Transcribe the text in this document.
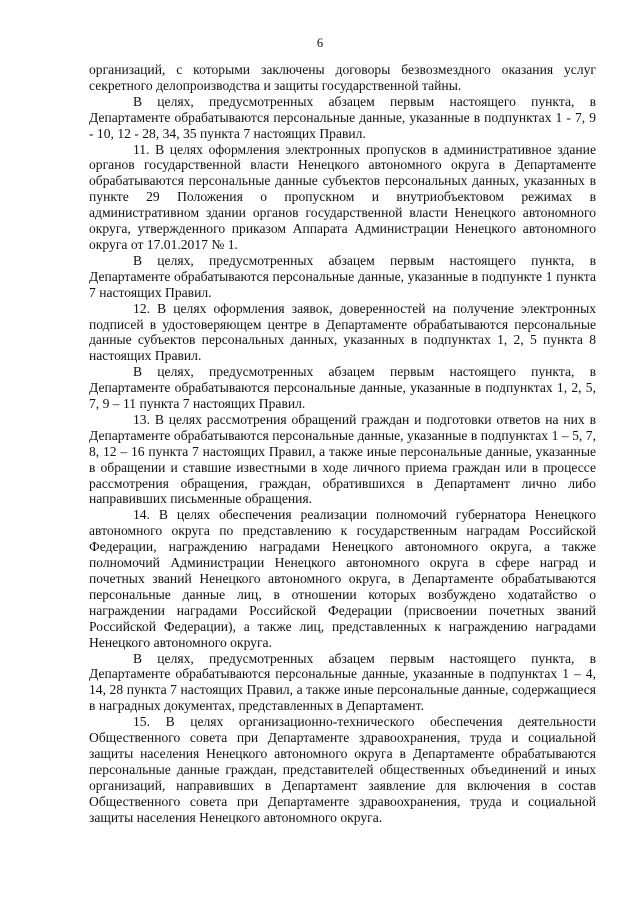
6

организаций, с которыми заключены договоры безвозмездного оказания услуг секретного делопроизводства и защиты государственной тайны.

В целях, предусмотренных абзацем первым настоящего пункта, в Департаменте обрабатываются персональные данные, указанные в подпунктах 1 - 7, 9 - 10, 12 - 28, 34, 35 пункта 7 настоящих Правил.

11. В целях оформления электронных пропусков в административное здание органов государственной власти Ненецкого автономного округа в Департаменте обрабатываются персональные данные субъектов персональных данных, указанных в пункте 29 Положения о пропускном и внутриобъектовом режимах в административном здании органов государственной власти Ненецкого автономного округа, утвержденного приказом Аппарата Администрации Ненецкого автономного округа от 17.01.2017 № 1.

В целях, предусмотренных абзацем первым настоящего пункта, в Департаменте обрабатываются персональные данные, указанные в подпункте 1 пункта 7 настоящих Правил.

12. В целях оформления заявок, доверенностей на получение электронных подписей в удостоверяющем центре в Департаменте обрабатываются персональные данные субъектов персональных данных, указанных в подпунктах 1, 2, 5 пункта 8 настоящих Правил.

В целях, предусмотренных абзацем первым настоящего пункта, в Департаменте обрабатываются персональные данные, указанные в подпунктах 1, 2, 5, 7, 9 – 11 пункта 7 настоящих Правил.

13. В целях рассмотрения обращений граждан и подготовки ответов на них в Департаменте обрабатываются персональные данные, указанные в подпунктах 1 – 5, 7, 8, 12 – 16 пункта 7 настоящих Правил, а также иные персональные данные, указанные в обращении и ставшие известными в ходе личного приема граждан или в процессе рассмотрения обращения, граждан, обратившихся в Департамент лично либо направивших письменные обращения.

14. В целях обеспечения реализации полномочий губернатора Ненецкого автономного округа по представлению к государственным наградам Российской Федерации, награждению наградами Ненецкого автономного округа, а также полномочий Администрации Ненецкого автономного округа в сфере наград и почетных званий Ненецкого автономного округа, в Департаменте обрабатываются персональные данные лиц, в отношении которых возбуждено ходатайство о награждении наградами Российской Федерации (присвоении почетных званий Российской Федерации), а также лиц, представленных к награждению наградами Ненецкого автономного округа.

В целях, предусмотренных абзацем первым настоящего пункта, в Департаменте обрабатываются персональные данные, указанные в подпунктах 1 – 4, 14, 28 пункта 7 настоящих Правил, а также иные персональные данные, содержащиеся в наградных документах, представленных в Департамент.

15. В целях организационно-технического обеспечения деятельности Общественного совета при Департаменте здравоохранения, труда и социальной защиты населения Ненецкого автономного округа в Департаменте обрабатываются персональные данные граждан, представителей общественных объединений и иных организаций, направивших в Департамент заявление для включения в состав Общественного совета при Департаменте здравоохранения, труда и социальной защиты населения Ненецкого автономного округа.
